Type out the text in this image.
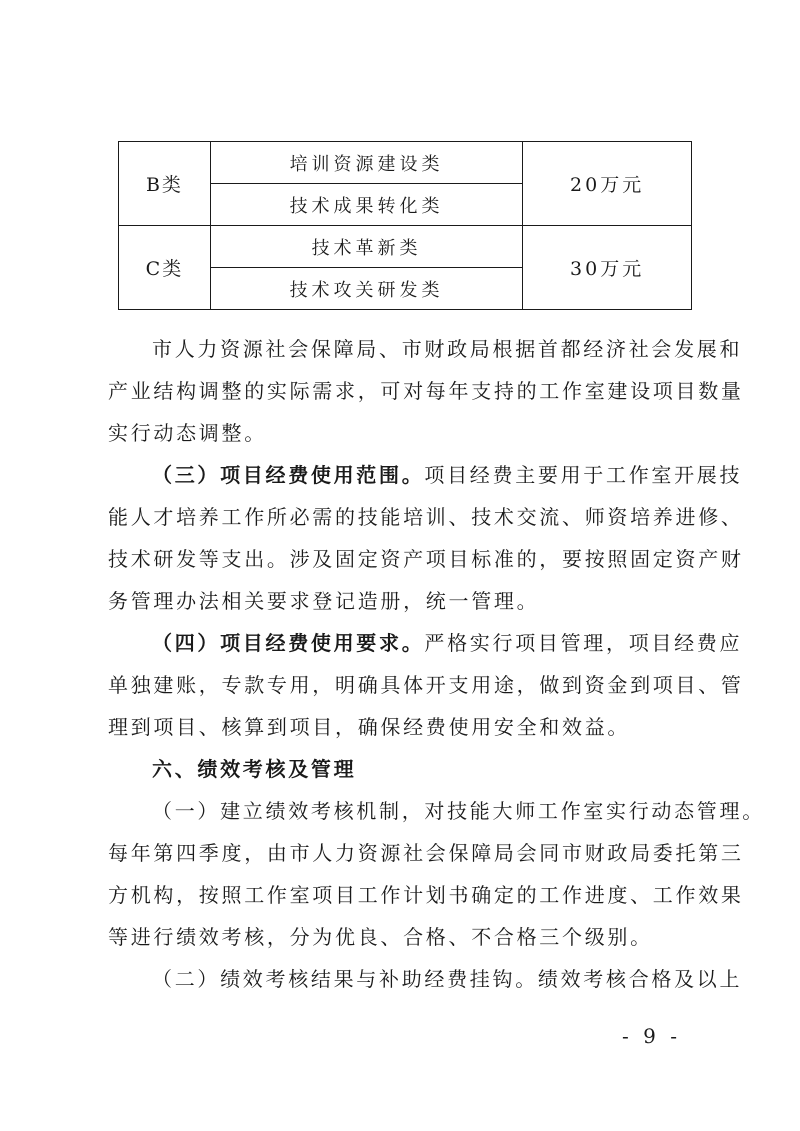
B类	培训资源建设类	20万元
	技术成果转化类	
C类	技术革新类	30万元
	技术攻关研发类	
市人力资源社会保障局、市财政局根据首都经济社会发展和
产业结构调整的实际需求，可对每年支持的工作室建设项目数量
实行动态调整。
（三）项目经费使用范围。项目经费主要用于工作室开展技
能人才培养工作所必需的技能培训、技术交流、师资培养进修、
技术研发等支出。涉及固定资产项目标准的，要按照固定资产财
务管理办法相关要求登记造册，统一管理。
（四）项目经费使用要求。严格实行项目管理，项目经费应
单独建账，专款专用，明确具体开支用途，做到资金到项目、管
理到项目、核算到项目，确保经费使用安全和效益。
六、绩效考核及管理
（一）建立绩效考核机制，对技能大师工作室实行动态管理。
每年第四季度，由市人力资源社会保障局会同市财政局委托第三
方机构，按照工作室项目工作计划书确定的工作进度、工作效果
等进行绩效考核，分为优良、合格、不合格三个级别。
（二）绩效考核结果与补助经费挂钩。绩效考核合格及以上
- 9 -
